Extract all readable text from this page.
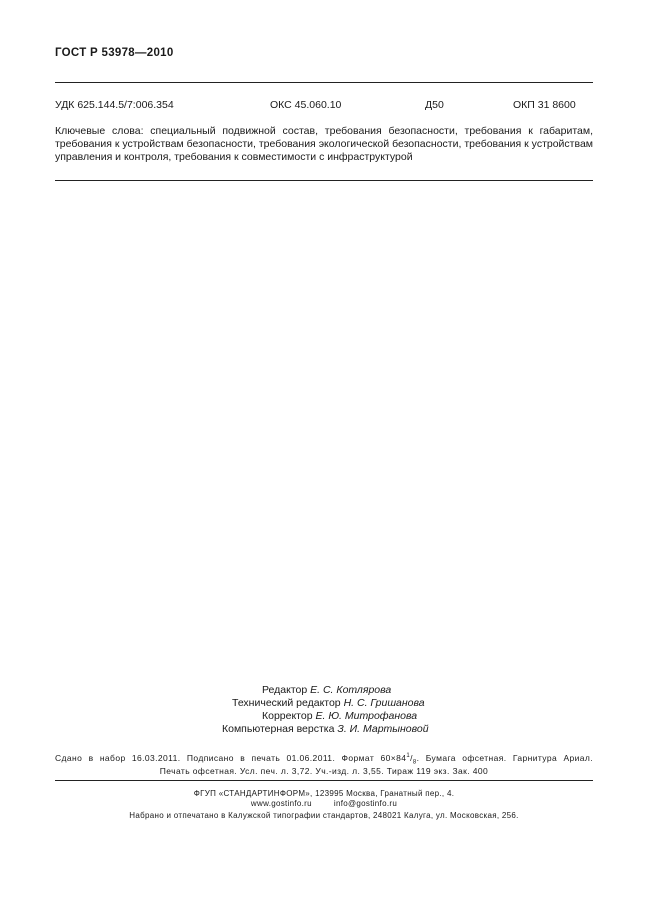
ГОСТ Р 53978—2010
УДК 625.144.5/7:006.354	ОКС 45.060.10	Д50	ОКП 31 8600
Ключевые слова: специальный подвижной состав, требования безопасности, требования к габаритам, требования к устройствам безопасности, требования экологической безопасности, требования к устройствам управления и контроля, требования к совместимости с инфраструктурой
Редактор Е. С. Котлярова
Технический редактор Н. С. Гришанова
Корректор Е. Ю. Митрофанова
Компьютерная верстка З. И. Мартыновой
Сдано в набор 16.03.2011. Подписано в печать 01.06.2011. Формат $60\times 84^1/_8$. Бумага офсетная. Гарнитура Ариал.
Печать офсетная. Усл. печ. л. 3,72. Уч.-изд. л. 3,55. Тираж 119 экз. Зак. 400
ФГУП «СТАНДАРТИНФОРМ», 123995 Москва, Гранатный пер., 4.
www.gostinfo.ru	info@gostinfo.ru
Набрано и отпечатано в Калужской типографии стандартов, 248021 Калуга, ул. Московская, 256.
